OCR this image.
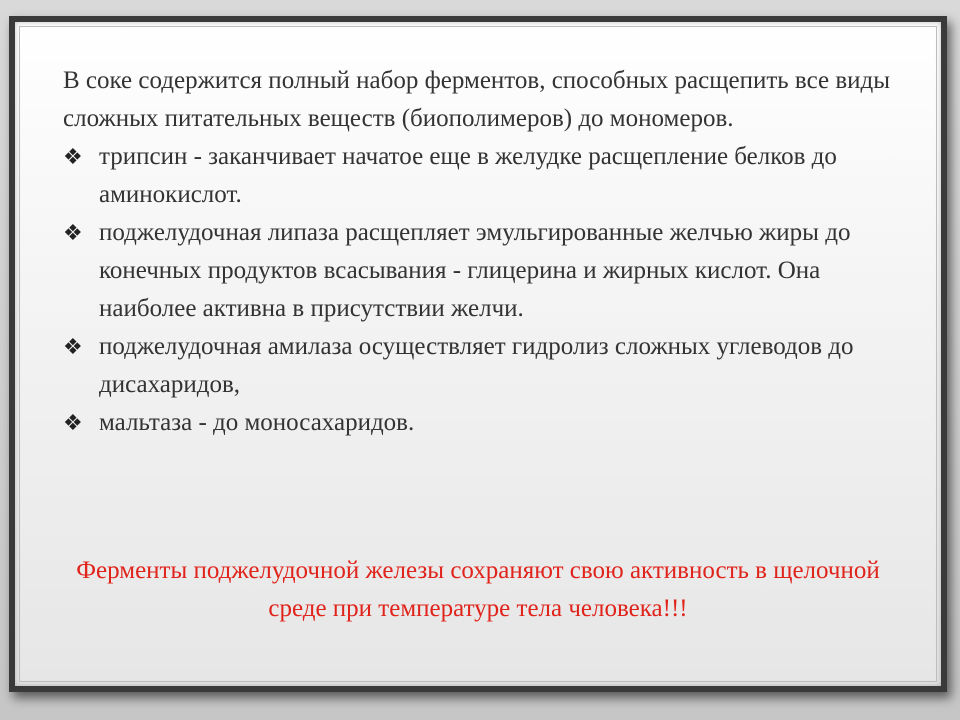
В соке содержится полный набор ферментов, способных расщепить все виды сложных питательных веществ (биополимеров) до мономеров.

❖ трипсин - заканчивает начатое еще в желудке расщепление белков до аминокислот.
❖ поджелудочная липаза расщепляет эмульгированные желчью жиры до конечных продуктов всасывания - глицерина и жирных кислот. Она наиболее активна в присутствии желчи.
❖ поджелудочная амилаза осуществляет гидролиз сложных углеводов до дисахаридов,
❖ мальтаза - до моносахаридов.

Ферменты поджелудочной железы сохраняют свою активность в щелочной среде при температуре тела человека!!!
